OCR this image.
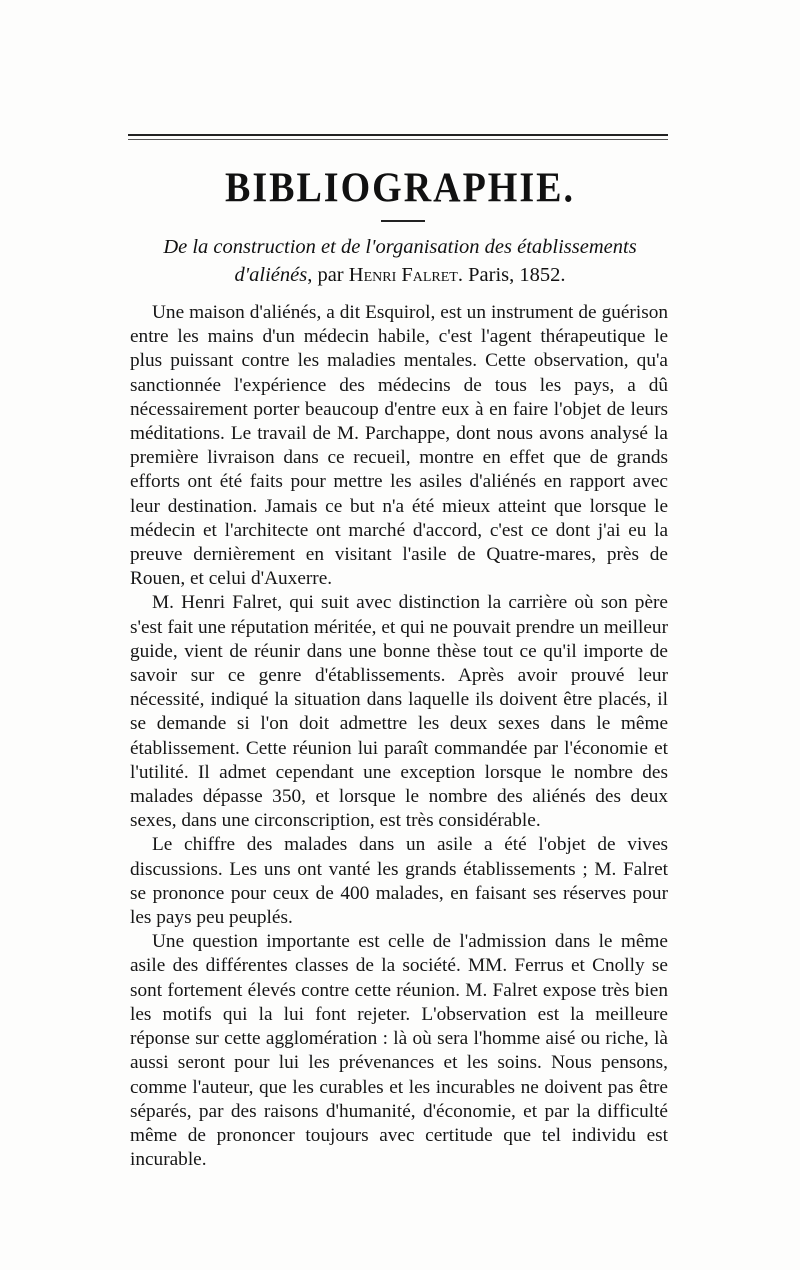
BIBLIOGRAPHIE.
De la construction et de l'organisation des établissements d'aliénés, par Henri Falret. Paris, 1852.

Une maison d'aliénés, a dit Esquirol, est un instrument de guérison entre les mains d'un médecin habile, c'est l'agent thérapeutique le plus puissant contre les maladies mentales. Cette observation, qu'a sanctionnée l'expérience des médecins de tous les pays, a dû nécessairement porter beaucoup d'entre eux à en faire l'objet de leurs méditations. Le travail de M. Parchappe, dont nous avons analysé la première livraison dans ce recueil, montre en effet que de grands efforts ont été faits pour mettre les asiles d'aliénés en rapport avec leur destination. Jamais ce but n'a été mieux atteint que lorsque le médecin et l'architecte ont marché d'accord, c'est ce dont j'ai eu la preuve dernièrement en visitant l'asile de Quatre-mares, près de Rouen, et celui d'Auxerre.

M. Henri Falret, qui suit avec distinction la carrière où son père s'est fait une réputation méritée, et qui ne pouvait prendre un meilleur guide, vient de réunir dans une bonne thèse tout ce qu'il importe de savoir sur ce genre d'établissements. Après avoir prouvé leur nécessité, indiqué la situation dans laquelle ils doivent être placés, il se demande si l'on doit admettre les deux sexes dans le même établissement. Cette réunion lui paraît commandée par l'économie et l'utilité. Il admet cependant une exception lorsque le nombre des malades dépasse 350, et lorsque le nombre des aliénés des deux sexes, dans une circonscription, est très considérable.

Le chiffre des malades dans un asile a été l'objet de vives discussions. Les uns ont vanté les grands établissements ; M. Falret se prononce pour ceux de 400 malades, en faisant ses réserves pour les pays peu peuplés.

Une question importante est celle de l'admission dans le même asile des différentes classes de la société. MM. Ferrus et Cnolly se sont fortement élevés contre cette réunion. M. Falret expose très bien les motifs qui la lui font rejeter. L'observation est la meilleure réponse sur cette agglomération : là où sera l'homme aisé ou riche, là aussi seront pour lui les prévenances et les soins. Nous pensons, comme l'auteur, que les curables et les incurables ne doivent pas être séparés, par des raisons d'humanité, d'économie, et par la difficulté même de prononcer toujours avec certitude que tel individu est incurable.
